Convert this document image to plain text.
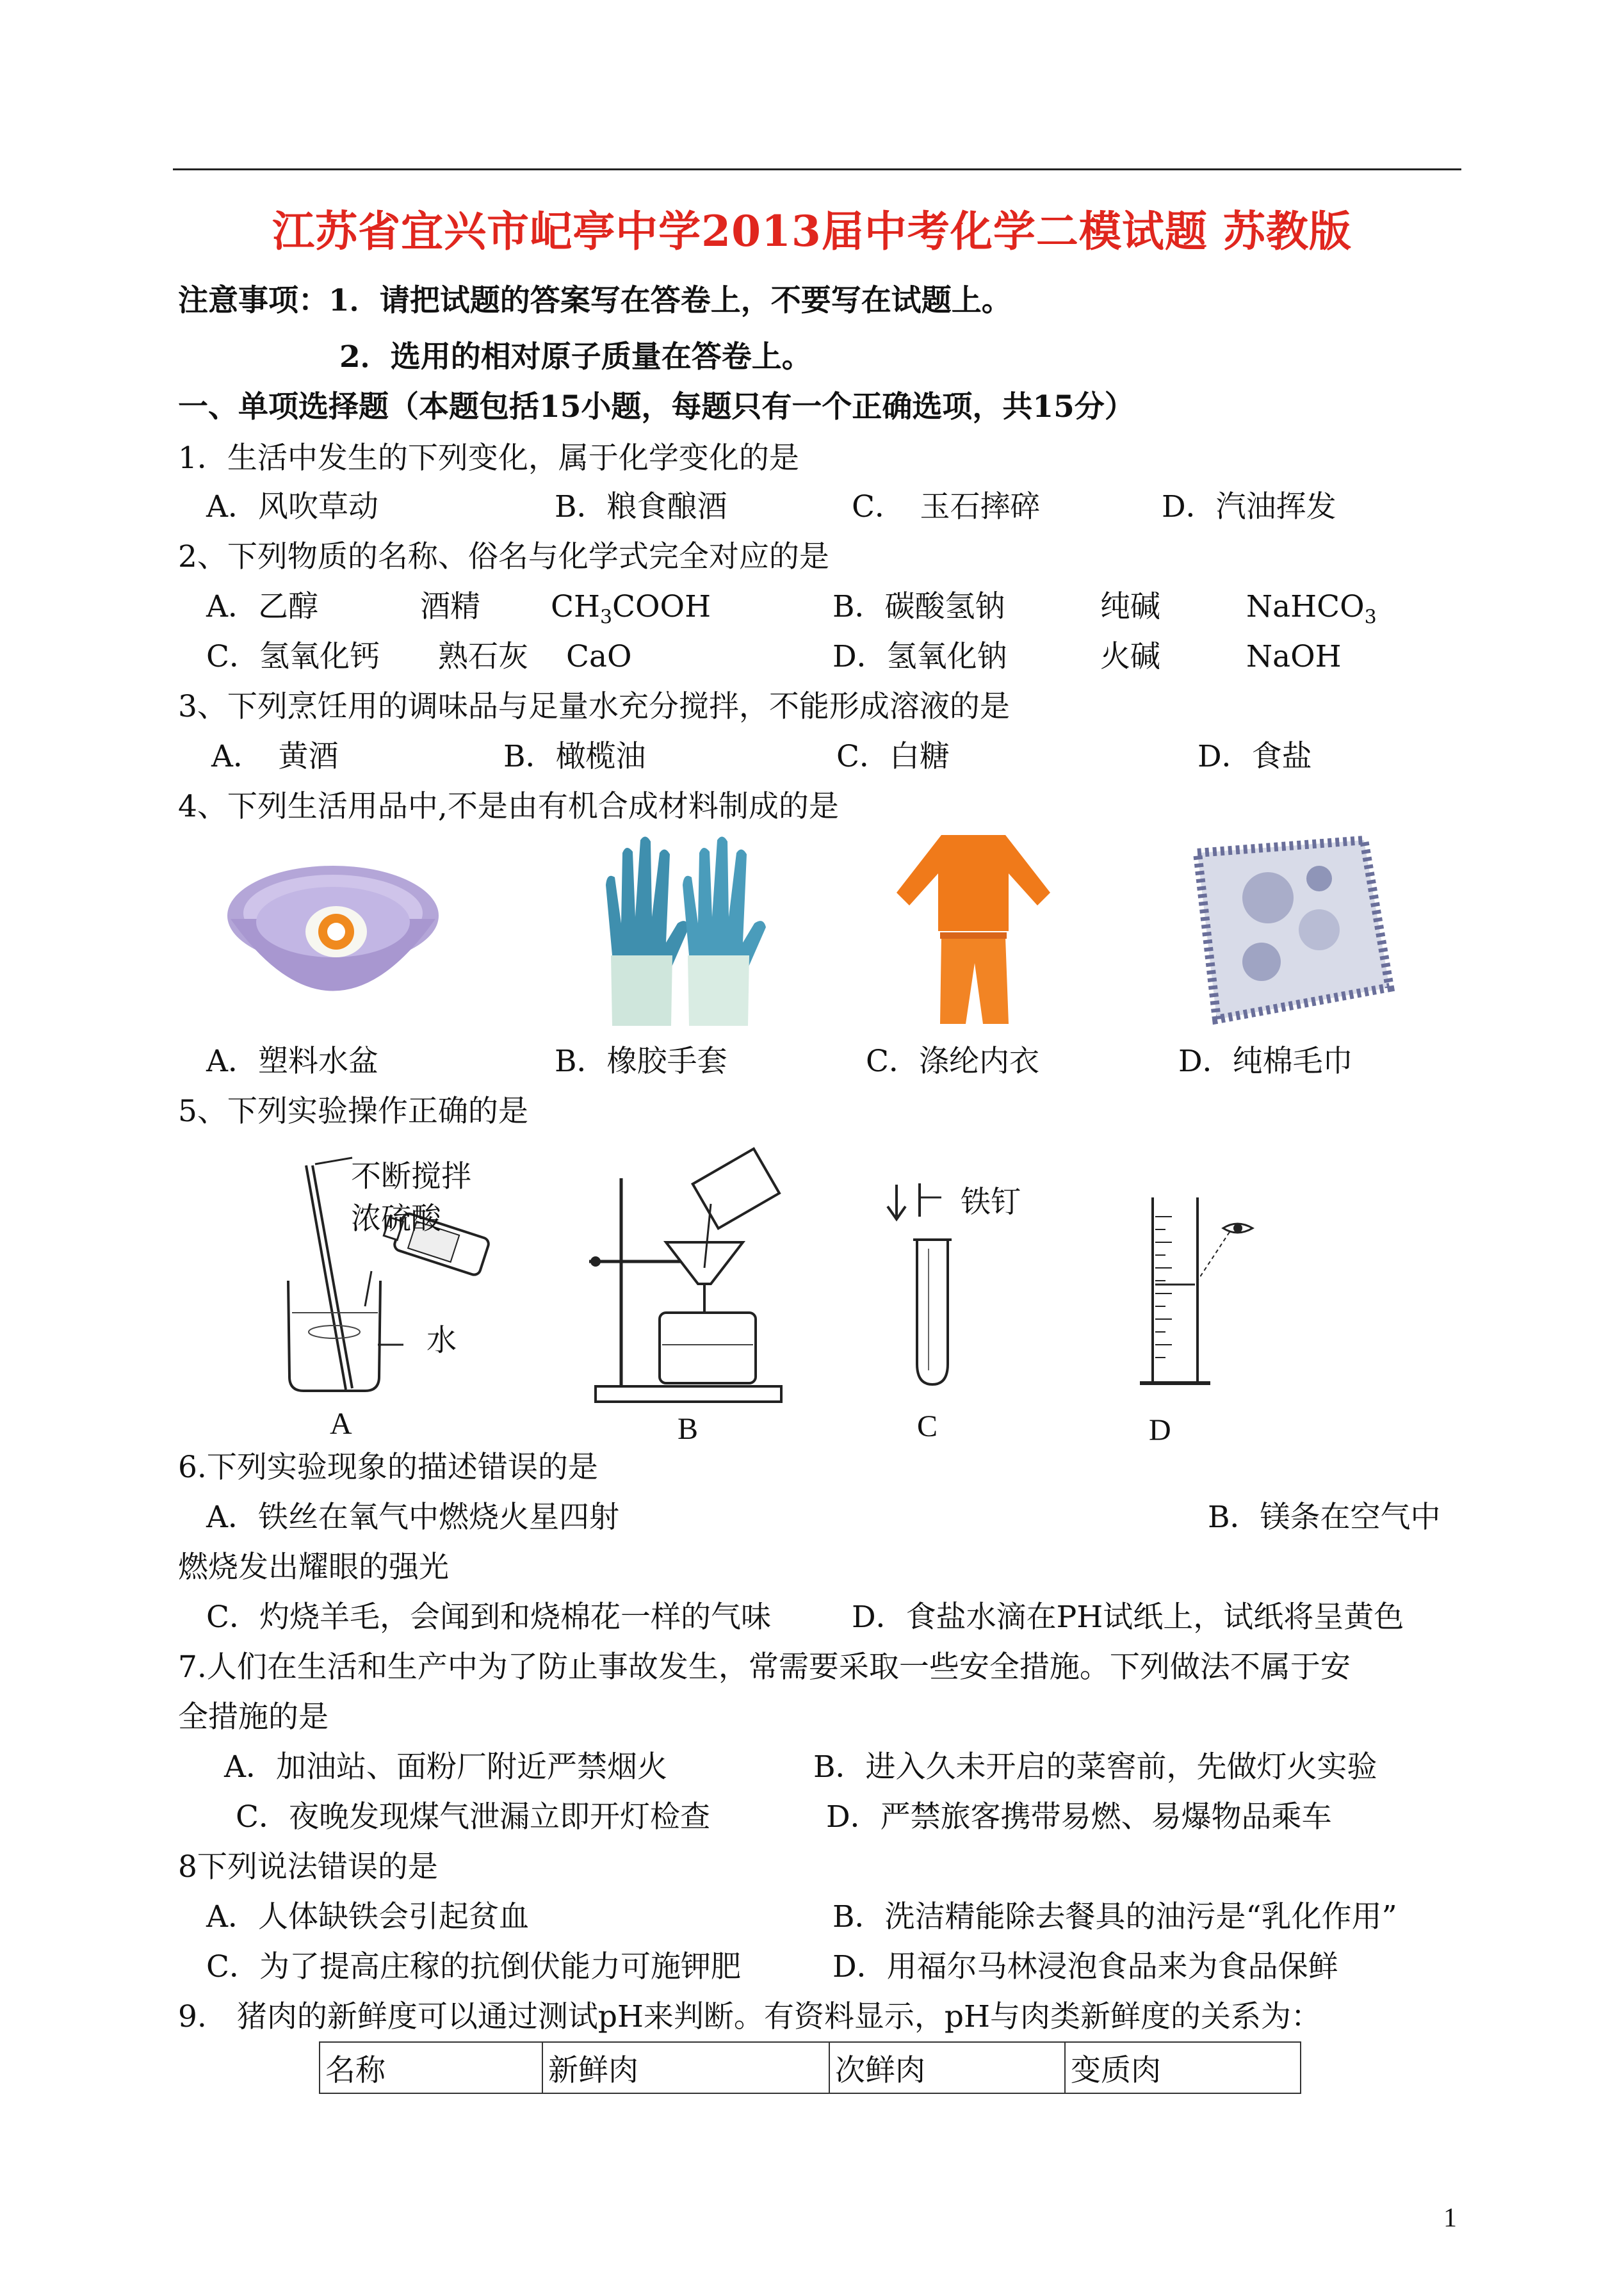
江苏省宜兴市屺亭中学2013届中考化学二模试题 苏教版
注意事项：1．请把试题的答案写在答卷上，不要写在试题上。
2．选用的相对原子质量在答卷上。
一、单项选择题（本题包括15小题，每题只有一个正确选项，共15分）
1．生活中发生的下列变化，属于化学变化的是
A．风吹草动	B．粮食酿酒	C．　玉石摔碎	D．汽油挥发
2、下列物质的名称、俗名与化学式完全对应的是
A．乙醇	酒精 $CH_3COOH$	B．碳酸氢钠	纯碱	NaHCO$_3$
C．氢氧化钙 熟石灰 CaO	D．氢氧化钠	火碱	NaOH
3、下列烹饪用的调味品与足量水充分搅拌，不能形成溶液的是
A．　黄酒	B．橄榄油	C．白糖	D．食盐
4、下列生活用品中,不是由有机合成材料制成的是
A．塑料水盆	B．橡胶手套	C．涤纶内衣	D．纯棉毛巾
5、下列实验操作正确的是
不断搅拌
浓硫酸
水
铁钉
A	B	C	D
6.下列实验现象的描述错误的是
A．铁丝在氧气中燃烧火星四射	B．镁条在空气中
燃烧发出耀眼的强光
C．灼烧羊毛，会闻到和烧棉花一样的气味	D．食盐水滴在PH试纸上，试纸将呈黄色
7.人们在生活和生产中为了防止事故发生，常需要采取一些安全措施。下列做法不属于安
全措施的是
A．加油站、面粉厂附近严禁烟火	B．进入久未开启的菜窖前，先做灯火实验
C．夜晚发现煤气泄漏立即开灯检查	D．严禁旅客携带易燃、易爆物品乘车
8下列说法错误的是
A．人体缺铁会引起贫血	B．洗洁精能除去餐具的油污是“乳化作用”
C．为了提高庄稼的抗倒伏能力可施钾肥	D．用福尔马林浸泡食品来为食品保鲜
9.　猪肉的新鲜度可以通过测试pH来判断。有资料显示，pH与肉类新鲜度的关系为：
名称	新鲜肉	次鲜肉	变质肉
1
